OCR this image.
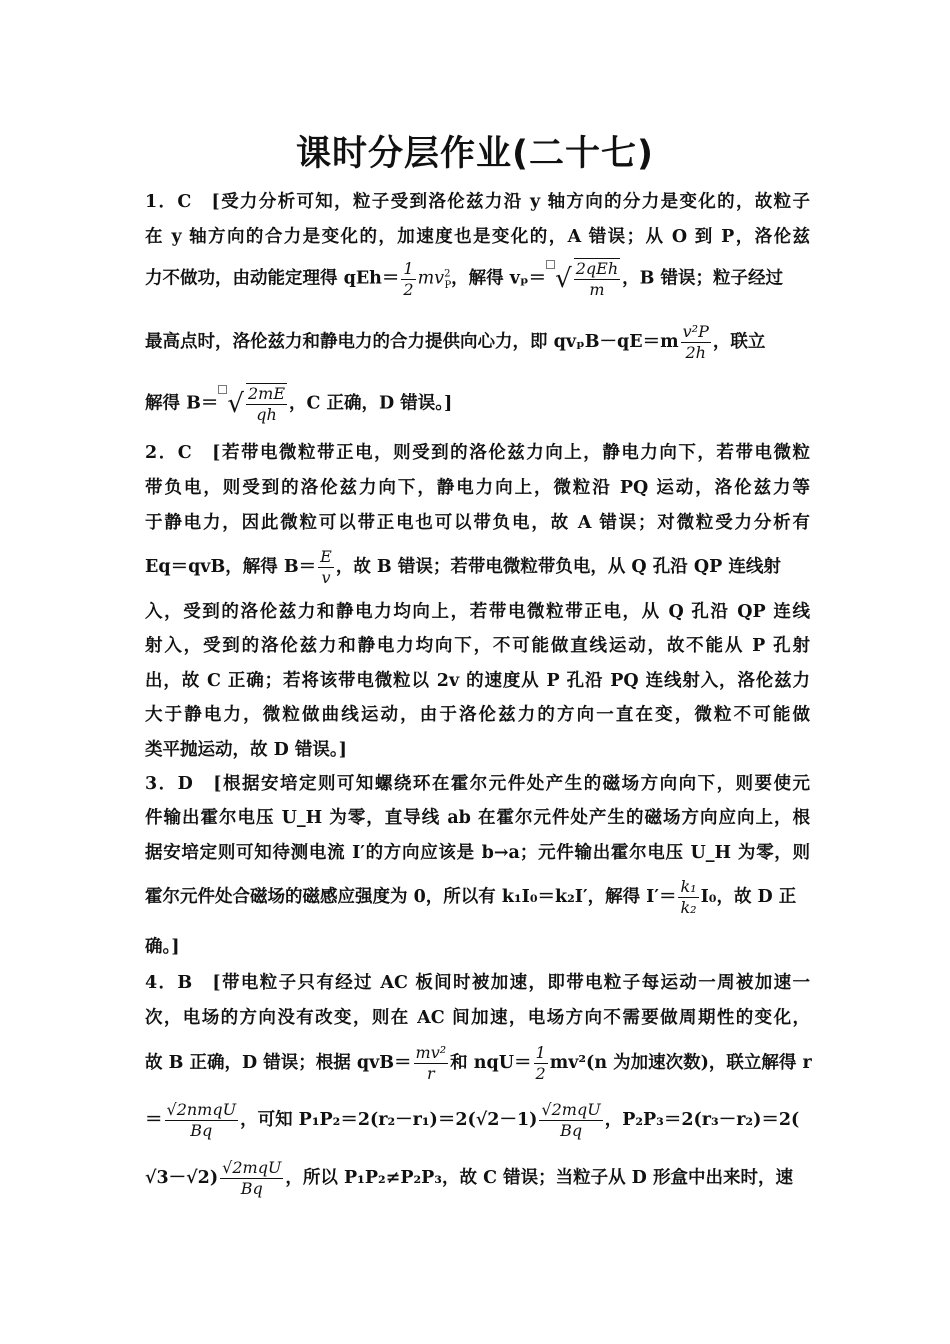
课时分层作业(二十七)
1．C　[受力分析可知，粒子受到洛伦兹力沿 y 轴方向的分力是变化的，故粒子
在 y 轴方向的合力是变化的，加速度也是变化的，A 错误；从 O 到 P，洛伦兹
力不做功，由动能定理得 $qEh= \frac{1}{2} mv^2_P$，解得 vₚ＝ √ $\frac{\text{2qEh}}{m}$ ，B 错误；粒子经过
最高点时，洛伦兹力和静电力的合力提供向心力，即 $qv_pB-qE=m \frac{\text{v²P}}{2h}$ ，联立
解得 B＝ √ $\frac{2mE}{qh}$ ，C 正确，D 错误。]
2．C　[若带电微粒带正电，则受到的洛伦兹力向上，静电力向下，若带电微粒
带负电，则受到的洛伦兹力向下，静电力向上，微粒沿 PQ 运动，洛伦兹力等
于静电力，因此微粒可以带正电也可以带负电，故 A 错误；对微粒受力分析有
Eq＝qvB，解得 $B= \frac{E}{v}$ ，故 B 错误；若带电微粒带负电，从 Q 孔沿 QP 连线射
入，受到的洛伦兹力和静电力均向上，若带电微粒带正电，从 Q 孔沿 QP 连线
射入，受到的洛伦兹力和静电力均向下，不可能做直线运动，故不能从 P 孔射
出，故 C 正确；若将该带电微粒以 2v 的速度从 P 孔沿 PQ 连线射入，洛伦兹力
大于静电力，微粒做曲线运动，由于洛伦兹力的方向一直在变，微粒不可能做
类平抛运动，故 D 错误。]
3．D　[根据安培定则可知螺绕环在霍尔元件处产生的磁场方向向下，则要使元
件输出霍尔电压 U_H 为零，直导线 ab 在霍尔元件处产生的磁场方向应向上，根
据安培定则可知待测电流 I′的方向应该是 b→a；元件输出霍尔电压 U_H 为零，则
霍尔元件处合磁场的磁感应强度为 0，所以有 k₁I₀＝k₂I′，解得 $I'= \frac{\text{k₁}}{\text{k₂}} I_0$，故 D 正
确。]
4．B　[带电粒子只有经过 AC 板间时被加速，即带电粒子每运动一周被加速一
次，电场的方向没有改变，则在 AC 间加速，电场方向不需要做周期性的变化，
故 B 正确，D 错误；根据 $qvB= \frac{\text{mv²}}{r}$ 和 $nqU= \frac{1}{2} mv^2(n$ 为加速次数)，联立解得 r
＝ $\frac{\text{√2nmqU}}{Bq}$ ，可知 $P_1P_2=2(r_2-r_1)=2(√2-1) \frac{\text{√2mqU}}{Bq}$ ，P₂P₃＝2(r₃－r₂)＝2(
$√3-√2) \frac{\text{√2mqU}}{Bq}$ ，所以 P₁P₂≠P₂P₃，故 C 错误；当粒子从 D 形盒中出来时，速
